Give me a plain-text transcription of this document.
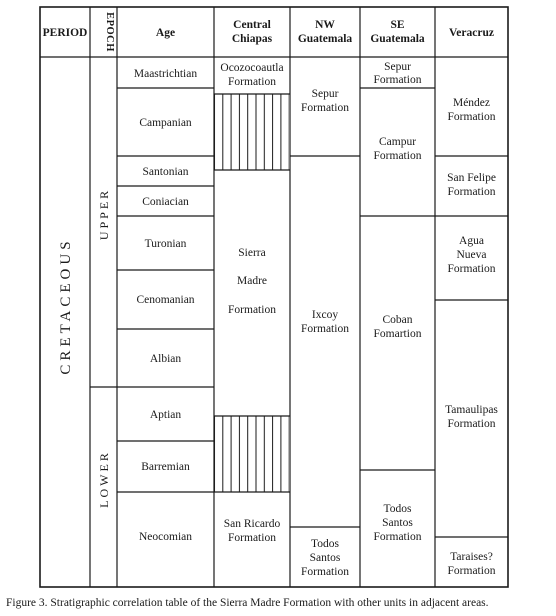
PERIOD EPOCH	Age
Central
Chiapas
NW
Guatemala
SE
Guatemala Veracruz
CRETACEOUS
UPPER
LOWER
Maastrichtian
Campanian
Santonian
Coniacian
Turonian
Cenomanian
Albian
Aptian
Barremian
Neocomian
Ocozocoautla
Formation
Sierra
Madre
Formation
San Ricardo
Formation
Sepur
Formation
Ixcoy
Formation
Todos
Santos
Formation
Sepur
Formation
Campur
Formation
Coban
Fomartion
Todos
Santos
Formation
Méndez
Formation
San Felipe
Formation
Agua
Nueva
Formation
Tamaulipas
Formation
Taraises?
Formation
Figure 3. Stratigraphic correlation table of the Sierra Madre Formation with other units in adjacent areas.
